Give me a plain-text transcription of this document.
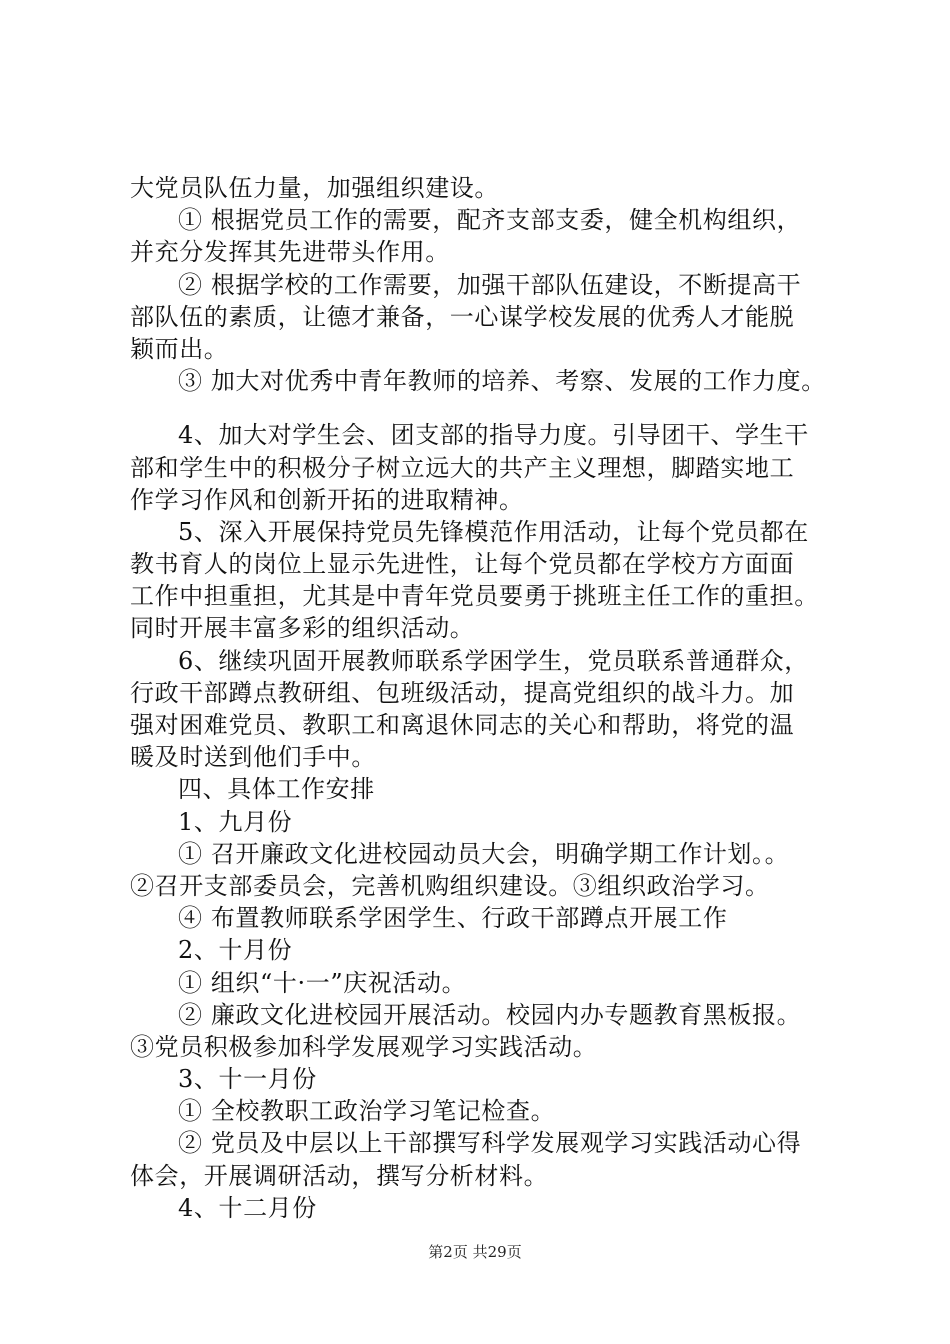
大党员队伍力量，加强组织建设。
① 根据党员工作的需要，配齐支部支委，健全机构组织，
并充分发挥其先进带头作用。
② 根据学校的工作需要，加强干部队伍建设，不断提高干
部队伍的素质，让德才兼备，一心谋学校发展的优秀人才能脱
颖而出。
③ 加大对优秀中青年教师的培养、考察、发展的工作力度。
4、加大对学生会、团支部的指导力度。引导团干、学生干
部和学生中的积极分子树立远大的共产主义理想，脚踏实地工
作学习作风和创新开拓的进取精神。
5、深入开展保持党员先锋模范作用活动，让每个党员都在
教书育人的岗位上显示先进性，让每个党员都在学校方方面面
工作中担重担，尤其是中青年党员要勇于挑班主任工作的重担。
同时开展丰富多彩的组织活动。
6、继续巩固开展教师联系学困学生，党员联系普通群众，
行政干部蹲点教研组、包班级活动，提高党组织的战斗力。加
强对困难党员、教职工和离退休同志的关心和帮助，将党的温
暖及时送到他们手中。
四、具体工作安排
1、九月份
① 召开廉政文化进校园动员大会，明确学期工作计划。。
②召开支部委员会，完善机购组织建设。③组织政治学习。
④ 布置教师联系学困学生、行政干部蹲点开展工作
2、十月份
① 组织“十·一”庆祝活动。
② 廉政文化进校园开展活动。校园内办专题教育黑板报。
③党员积极参加科学发展观学习实践活动。
3、十一月份
① 全校教职工政治学习笔记检查。
② 党员及中层以上干部撰写科学发展观学习实践活动心得
体会，开展调研活动，撰写分析材料。
4、十二月份
第2页 共29页
